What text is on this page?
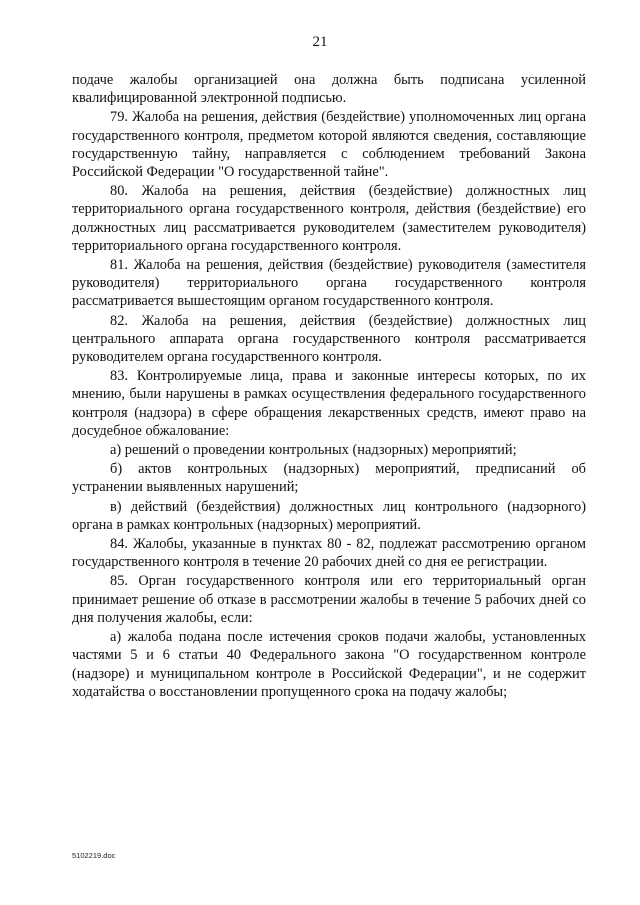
21

подаче жалобы организацией она должна быть подписана усиленной квалифицированной электронной подписью.

79. Жалоба на решения, действия (бездействие) уполномоченных лиц органа государственного контроля, предметом которой являются сведения, составляющие государственную тайну, направляется с соблюдением требований Закона Российской Федерации "О государственной тайне".

80. Жалоба на решения, действия (бездействие) должностных лиц территориального органа государственного контроля, действия (бездействие) его должностных лиц рассматривается руководителем (заместителем руководителя) территориального органа государственного контроля.

81. Жалоба на решения, действия (бездействие) руководителя (заместителя руководителя) территориального органа государственного контроля рассматривается вышестоящим органом государственного контроля.

82. Жалоба на решения, действия (бездействие) должностных лиц центрального аппарата органа государственного контроля рассматривается руководителем органа государственного контроля.

83. Контролируемые лица, права и законные интересы которых, по их мнению, были нарушены в рамках осуществления федерального государственного контроля (надзора) в сфере обращения лекарственных средств, имеют право на досудебное обжалование:

а) решений о проведении контрольных (надзорных) мероприятий;

б) актов контрольных (надзорных) мероприятий, предписаний об устранении выявленных нарушений;

в) действий (бездействия) должностных лиц контрольного (надзорного) органа в рамках контрольных (надзорных) мероприятий.

84. Жалобы, указанные в пунктах 80 - 82, подлежат рассмотрению органом государственного контроля в течение 20 рабочих дней со дня ее регистрации.

85. Орган государственного контроля или его территориальный орган принимает решение об отказе в рассмотрении жалобы в течение 5 рабочих дней со дня получения жалобы, если:

а) жалоба подана после истечения сроков подачи жалобы, установленных частями 5 и 6 статьи 40 Федерального закона "О государственном контроле (надзоре) и муниципальном контроле в Российской Федерации", и не содержит ходатайства о восстановлении пропущенного срока на подачу жалобы;

5102219.doc
